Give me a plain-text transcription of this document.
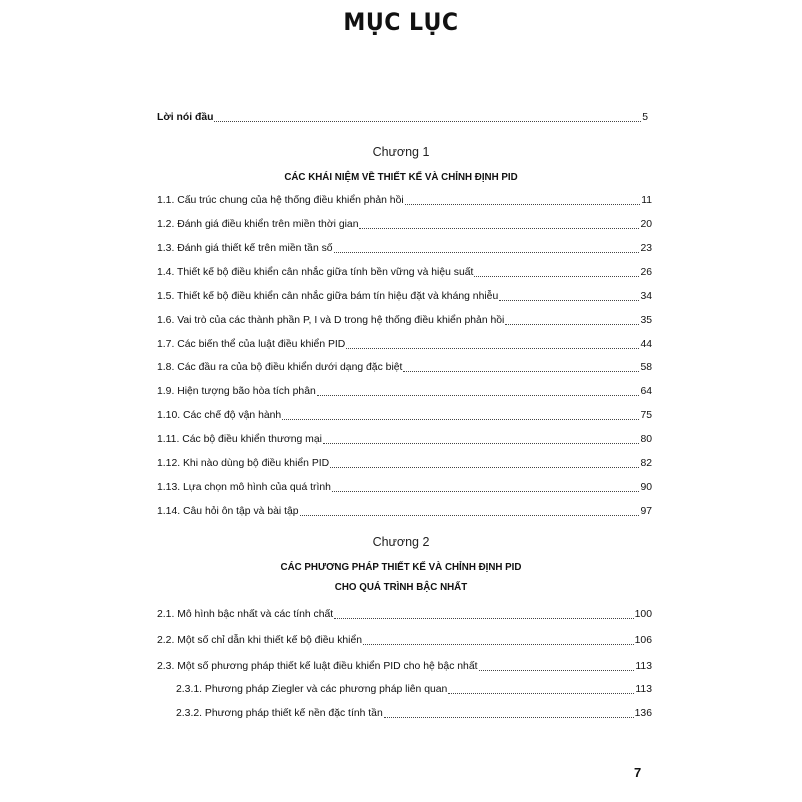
MỤC LỤC
Lời nói đầu	5
Chương 1
CÁC KHÁI NIỆM VỀ THIẾT KẾ VÀ CHỈNH ĐỊNH PID
1.1. Cấu trúc chung của hệ thống điều khiển phản hồi	11
1.2. Đánh giá điều khiển trên miền thời gian	20
1.3. Đánh giá thiết kế trên miền tần số	23
1.4. Thiết kế bộ điều khiển cân nhắc giữa tính bền vững và hiệu suất	26
1.5. Thiết kế bộ điều khiển cân nhắc giữa bám tín hiệu đặt và kháng nhiễu	34
1.6. Vai trò của các thành phần P, I và D trong hệ thống điều khiển phản hồi	35
1.7. Các biến thể của luật điều khiển PID	44
1.8. Các đầu ra của bộ điều khiển dưới dạng đặc biệt	58
1.9. Hiện tượng bão hòa tích phân	64
1.10. Các chế độ vận hành	75
1.11. Các bộ điều khiển thương mại	80
1.12. Khi nào dùng bộ điều khiển PID	82
1.13. Lựa chọn mô hình của quá trình	90
1.14. Câu hỏi ôn tập và bài tập	97
Chương 2
CÁC PHƯƠNG PHÁP THIẾT KẾ VÀ CHỈNH ĐỊNH PID
CHO QUÁ TRÌNH BẬC NHẤT
2.1. Mô hình bậc nhất và các tính chất	100
2.2. Một số chỉ dẫn khi thiết kế bộ điều khiển	106
2.3. Một số phương pháp thiết kế luật điều khiển PID cho hệ bậc nhất	113
2.3.1. Phương pháp Ziegler và các phương pháp liên quan	113
2.3.2. Phương pháp thiết kế nền đặc tính tần	136
7
